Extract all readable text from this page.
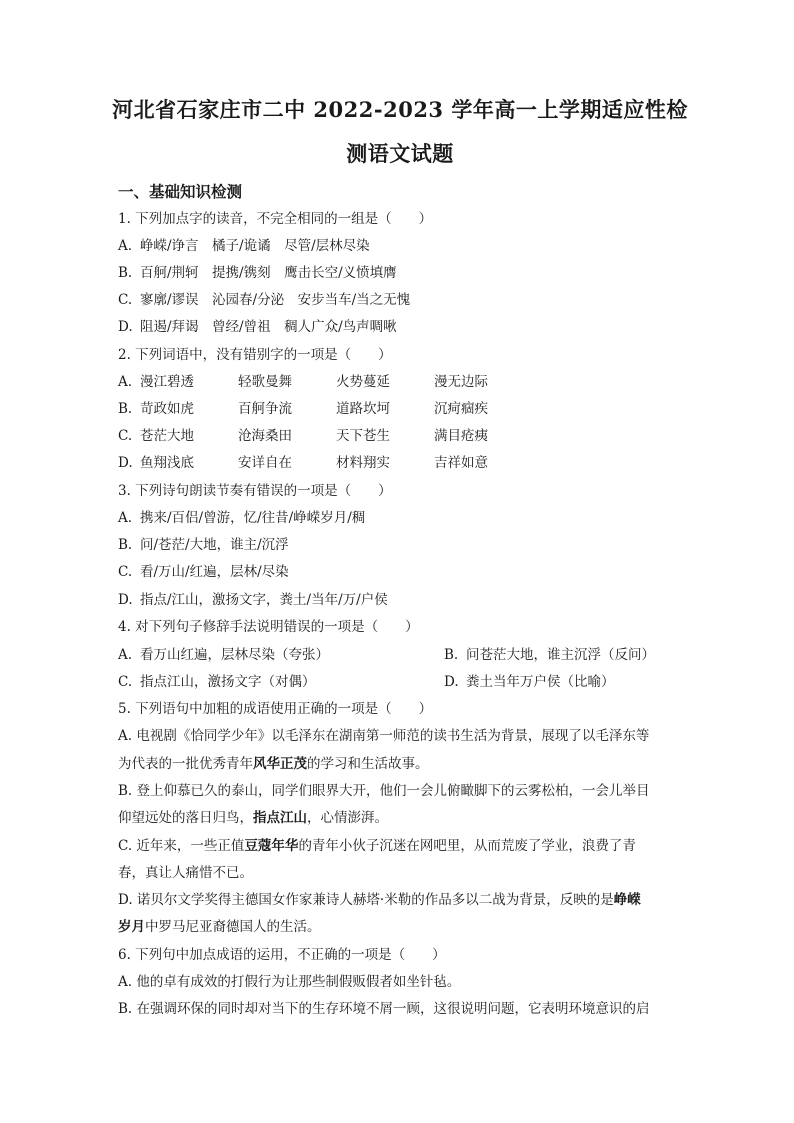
河北省石家庄市二中 2022-2023 学年高一上学期适应性检
测语文试题
一、基础知识检测
1. 下列加点字的读音，不完全相同的一组是（　　）
A. 峥嵘/诤言　橘子/诡谲　尽管/层林尽染
B. 百舸/荆轲　提携/镌刻　鹰击长空/义愤填膺
C. 寥廓/谬误　沁园春/分泌　安步当车/当之无愧
D. 阻遏/拜谒　曾经/曾祖　稠人广众/鸟声啁啾
2. 下列词语中，没有错别字的一项是（　　）
A. 漫江碧透	轻歌曼舞	火势蔓延	漫无边际
B. 苛政如虎	百舸争流	道路坎坷	沉疴痼疾
C. 苍茫大地	沧海桑田	天下苍生	满目疮痍
D. 鱼翔浅底	安详自在	材料翔实	吉祥如意
3. 下列诗句朗读节奏有错误的一项是（　　）
A. 携来/百侣/曾游，忆/往昔/峥嵘岁月/稠
B. 问/苍茫/大地，谁主/沉浮
C. 看/万山/红遍，层林/尽染
D. 指点/江山，激扬文字，粪土/当年/万/户侯
4. 对下列句子修辞手法说明错误的一项是（　　）
A. 看万山红遍，层林尽染（夸张）	B. 问苍茫大地，谁主沉浮（反问）
C. 指点江山，激扬文字（对偶）	D. 粪土当年万户侯（比喻）
5. 下列语句中加粗的成语使用正确的一项是（　　）
A. 电视剧《恰同学少年》以毛泽东在湖南第一师范的读书生活为背景，展现了以毛泽东等
为代表的一批优秀青年风华正茂的学习和生活故事。
B. 登上仰慕已久的泰山，同学们眼界大开，他们一会儿俯瞰脚下的云雾松柏，一会儿举目
仰望远处的落日归鸟，指点江山，心情澎湃。
C. 近年来，一些正值豆蔻年华的青年小伙子沉迷在网吧里，从而荒废了学业，浪费了青
春，真让人痛惜不已。
D. 诺贝尔文学奖得主德国女作家兼诗人赫塔·米勒的作品多以二战为背景，反映的是峥嵘
岁月中罗马尼亚裔德国人的生活。
6. 下列句中加点成语的运用，不正确的一项是（　　）
A. 他的卓有成效的打假行为让那些制假贩假者如坐针毡。
B. 在强调环保的同时却对当下的生存环境不屑一顾，这很说明问题，它表明环境意识的启
